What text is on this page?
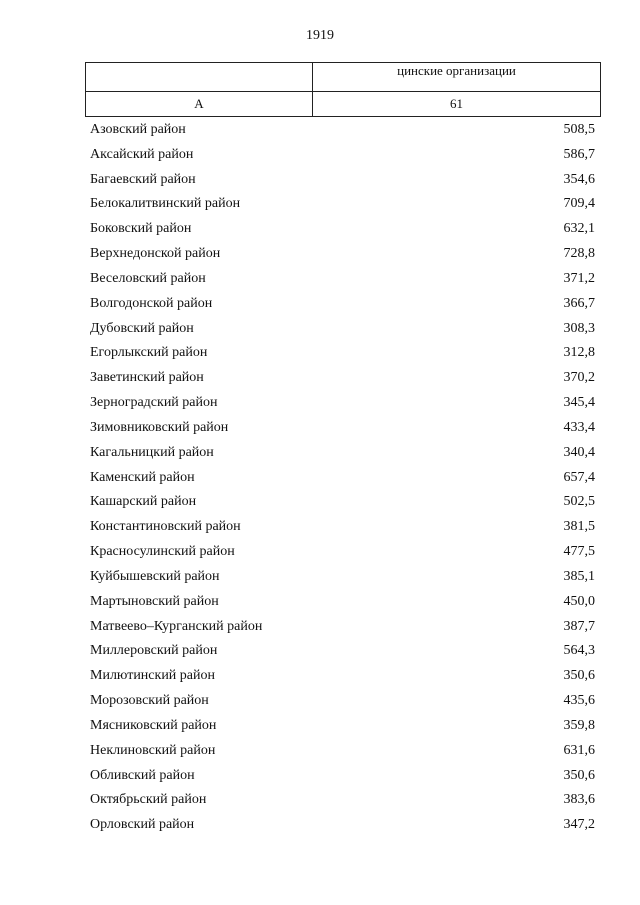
1919

	цинские организации

А	61
Азовский район	508,5
Аксайский район	586,7
Багаевский район	354,6
Белокалитвинский район	709,4
Боковский район	632,1
Верхнедонской район	728,8
Веселовский район	371,2
Волгодонской район	366,7
Дубовский район	308,3
Егорлыкский район	312,8
Заветинский район	370,2
Зерноградский район	345,4
Зимовниковский район	433,4
Кагальницкий район	340,4
Каменский район	657,4
Кашарский район	502,5
Константиновский район	381,5
Красносулинский район	477,5
Куйбышевский район	385,1
Мартыновский район	450,0
Матвеево–Курганский район	387,7
Миллеровский район	564,3
Милютинский район	350,6
Морозовский район	435,6
Мясниковский район	359,8
Неклиновский район	631,6
Обливский район	350,6
Октябрьский район	383,6
Орловский район	347,2
